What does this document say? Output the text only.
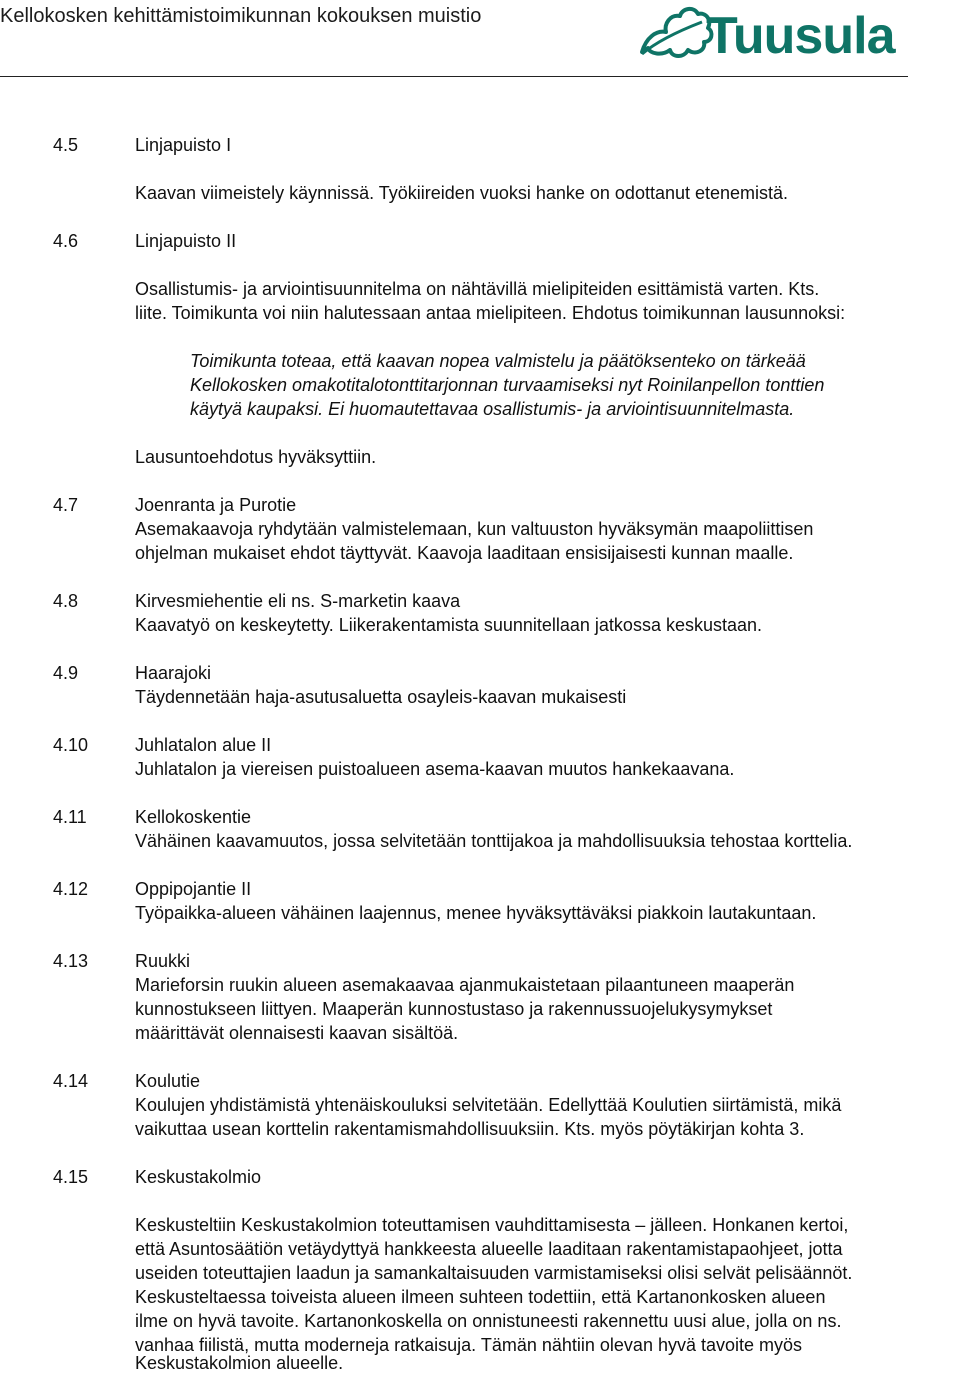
Kellokosken kehittämistoimikunnan kokouksen muistio	Tuusula
4.5	Linjapuisto I
Kaavan viimeistely käynnissä. Työkiireiden vuoksi hanke on odottanut etenemistä.
4.6	Linjapuisto II
Osallistumis- ja arviointisuunnitelma on nähtävillä mielipiteiden esittämistä varten. Kts.
liite. Toimikunta voi niin halutessaan antaa mielipiteen. Ehdotus toimikunnan lausunnoksi:
Toimikunta toteaa, että kaavan nopea valmistelu ja päätöksenteko on tärkeää
Kellokosken omakotitalotonttitarjonnan turvaamiseksi nyt Roinilanpellon tonttien
käytyä kaupaksi. Ei huomautettavaa osallistumis- ja arviointisuunnitelmasta.
Lausuntoehdotus hyväksyttiin.
4.7	Joenranta ja Purotie
Asemakaavoja ryhdytään valmistelemaan, kun valtuuston hyväksymän maapoliittisen
ohjelman mukaiset ehdot täyttyvät. Kaavoja laaditaan ensisijaisesti kunnan maalle.
4.8	Kirvesmiehentie eli ns. S-marketin kaava
Kaavatyö on keskeytetty. Liikerakentamista suunnitellaan jatkossa keskustaan.
4.9	Haarajoki
Täydennetään haja-asutusaluetta osayleis-kaavan mukaisesti
4.10	Juhlatalon alue II
Juhlatalon ja viereisen puistoalueen asema-kaavan muutos hankekaavana.
4.11	Kellokoskentie
Vähäinen kaavamuutos, jossa selvitetään tonttijakoa ja mahdollisuuksia tehostaa korttelia.
4.12	Oppipojantie II
Työpaikka-alueen vähäinen laajennus, menee hyväksyttäväksi piakkoin lautakuntaan.
4.13	Ruukki
Marieforsin ruukin alueen asemakaavaa ajanmukaistetaan pilaantuneen maaperän
kunnostukseen liittyen. Maaperän kunnostustaso ja rakennussuojelukysymykset
määrittävät olennaisesti kaavan sisältöä.
4.14	Koulutie
Koulujen yhdistämistä yhtenäiskouluksi selvitetään. Edellyttää Koulutien siirtämistä, mikä
vaikuttaa usean korttelin rakentamismahdollisuuksiin. Kts. myös pöytäkirjan kohta 3.
4.15	Keskustakolmio
Keskusteltiin Keskustakolmion toteuttamisen vauhdittamisesta – jälleen. Honkanen kertoi,
että Asuntosäätiön vetäydyttyä hankkeesta alueelle laaditaan rakentamistapaohjeet, jotta
useiden toteuttajien laadun ja samankaltaisuuden varmistamiseksi olisi selvät pelisäännöt.
Keskusteltaessa toiveista alueen ilmeen suhteen todettiin, että Kartanonkosken alueen
ilme on hyvä tavoite. Kartanonkoskella on onnistuneesti rakennettu uusi alue, jolla on ns.
vanhaa fiilistä, mutta moderneja ratkaisuja. Tämän nähtiin olevan hyvä tavoite myös
Keskustakolmion alueelle.
